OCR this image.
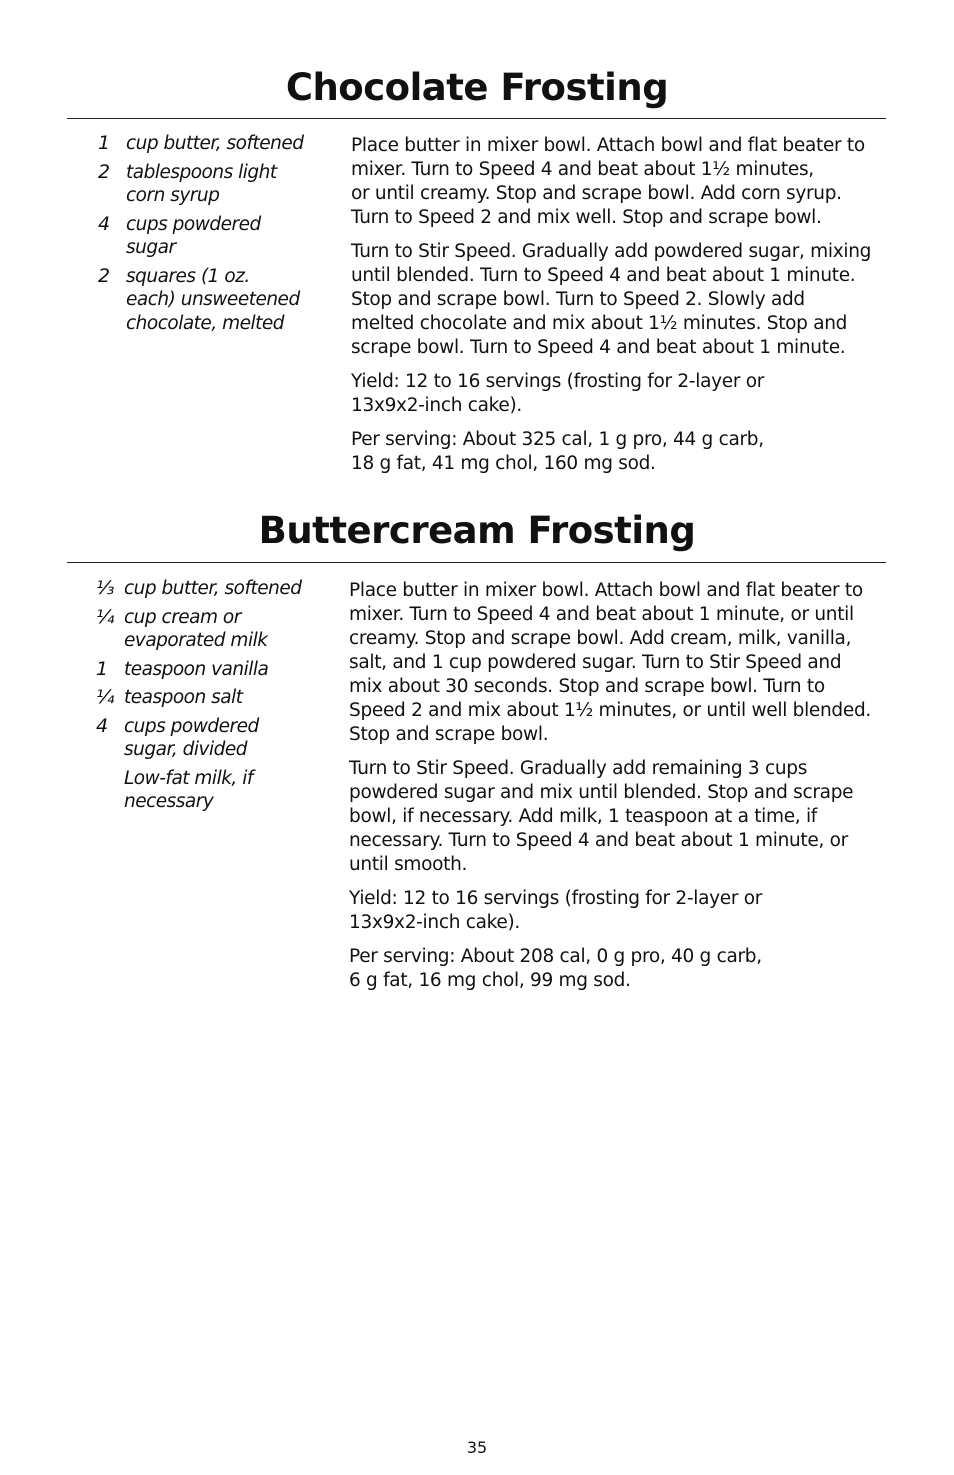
Chocolate Frosting
1 cup butter, softened
2 tablespoons light
corn syrup
4 cups powdered
sugar
2 squares (1 oz.
each) unsweetened
chocolate, melted

Place butter in mixer bowl. Attach bowl and flat beater to
mixer. Turn to Speed 4 and beat about 1½ minutes,
or until creamy. Stop and scrape bowl. Add corn syrup.
Turn to Speed 2 and mix well. Stop and scrape bowl.

Turn to Stir Speed. Gradually add powdered sugar, mixing
until blended. Turn to Speed 4 and beat about 1 minute.
Stop and scrape bowl. Turn to Speed 2. Slowly add
melted chocolate and mix about 1½ minutes. Stop and
scrape bowl. Turn to Speed 4 and beat about 1 minute.

Yield: 12 to 16 servings (frosting for 2-layer or
13x9x2-inch cake).

Per serving: About 325 cal, 1 g pro, 44 g carb,
18 g fat, 41 mg chol, 160 mg sod.

Buttercream Frosting
⅓ cup butter, softened
¼ cup cream or
evaporated milk
1 teaspoon vanilla
¼ teaspoon salt
4 cups powdered
sugar, divided
Low-fat milk, if
necessary

Place butter in mixer bowl. Attach bowl and flat beater to
mixer. Turn to Speed 4 and beat about 1 minute, or until
creamy. Stop and scrape bowl. Add cream, milk, vanilla,
salt, and 1 cup powdered sugar. Turn to Stir Speed and
mix about 30 seconds. Stop and scrape bowl. Turn to
Speed 2 and mix about 1½ minutes, or until well blended.
Stop and scrape bowl.

Turn to Stir Speed. Gradually add remaining 3 cups
powdered sugar and mix until blended. Stop and scrape
bowl, if necessary. Add milk, 1 teaspoon at a time, if
necessary. Turn to Speed 4 and beat about 1 minute, or
until smooth.

Yield: 12 to 16 servings (frosting for 2-layer or
13x9x2-inch cake).

Per serving: About 208 cal, 0 g pro, 40 g carb,
6 g fat, 16 mg chol, 99 mg sod.

35
